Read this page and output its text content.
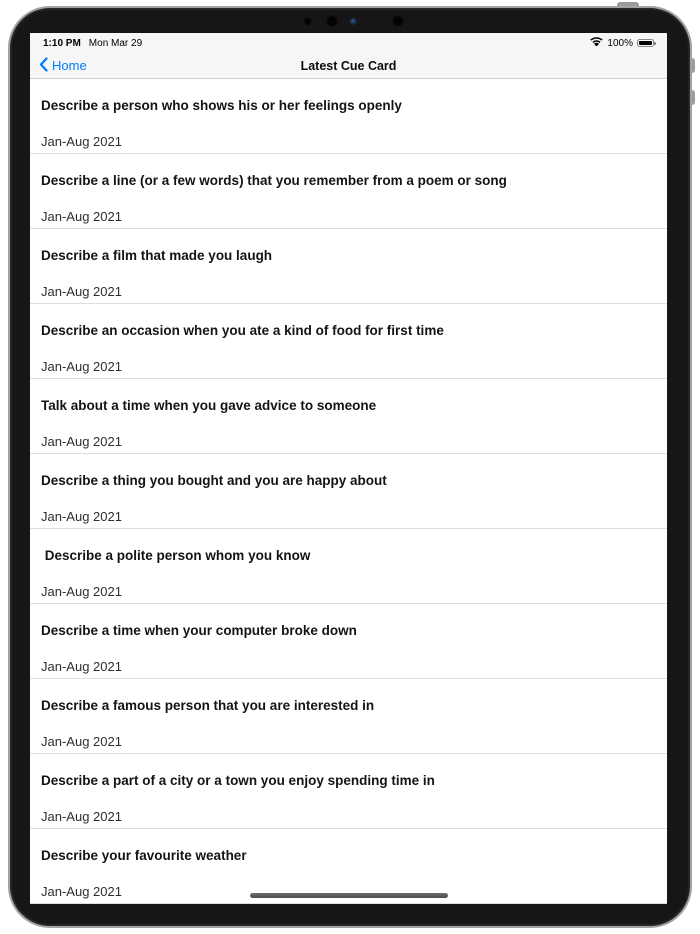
1:10 PM Mon Mar 29	100%
Home	Latest Cue Card
Describe a person who shows his or her feelings openly
Jan-Aug 2021
Describe a line (or a few words) that you remember from a poem or song
Jan-Aug 2021
Describe a film that made you laugh
Jan-Aug 2021
Describe an occasion when you ate a kind of food for first time
Jan-Aug 2021
Talk about a time when you gave advice to someone
Jan-Aug 2021
Describe a thing you bought and you are happy about
Jan-Aug 2021
Describe a polite person whom you know
Jan-Aug 2021
Describe a time when your computer broke down
Jan-Aug 2021
Describe a famous person that you are interested in
Jan-Aug 2021
Describe a part of a city or a town you enjoy spending time in
Jan-Aug 2021
Describe your favourite weather
Jan-Aug 2021
